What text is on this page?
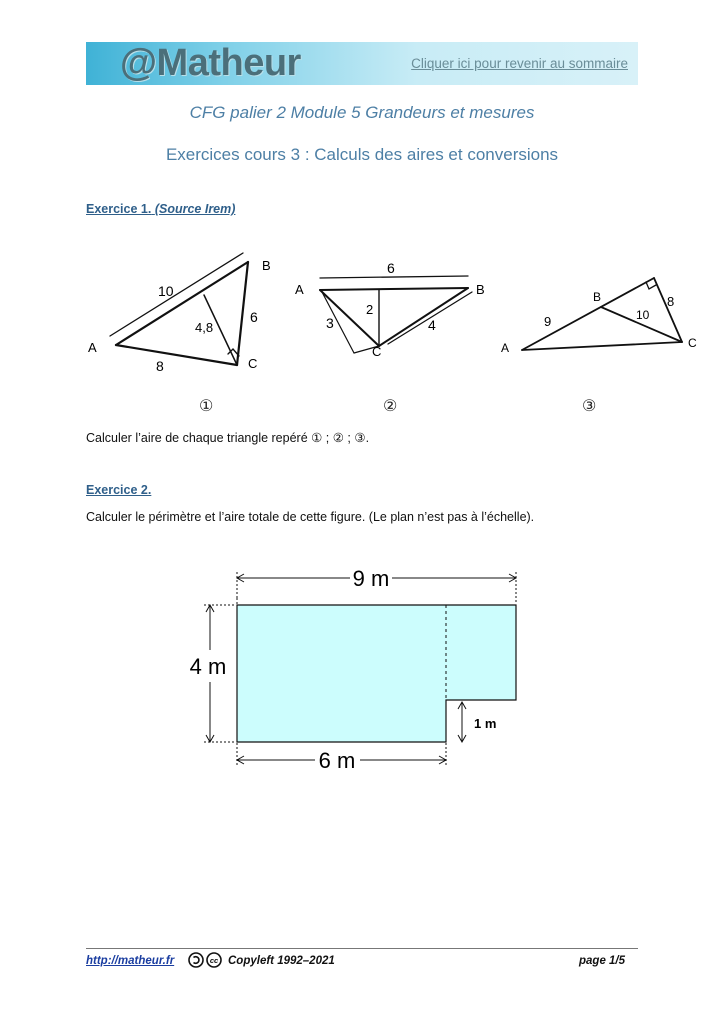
@Matheur	Cliquer ici pour revenir au sommaire
CFG palier 2 Module 5 Grandeurs et mesures
Exercices cours 3 : Calculs des aires et conversions
Exercice 1. (Source Irem)
A
B
C
10
8
6
4,8
A	B
C
6
2
3	4
A
B
C
9	10
8
①	②	③
Calculer l’aire de chaque triangle repéré ① ; ② ; ③.
Exercice 2.
Calculer le périmètre et l’aire totale de cette figure. (Le plan n’est pas à l’échelle).
9 m
4 m
6 m
1 m
http://matheur.fr	cc Copyleft 1992–2021	page 1/5
